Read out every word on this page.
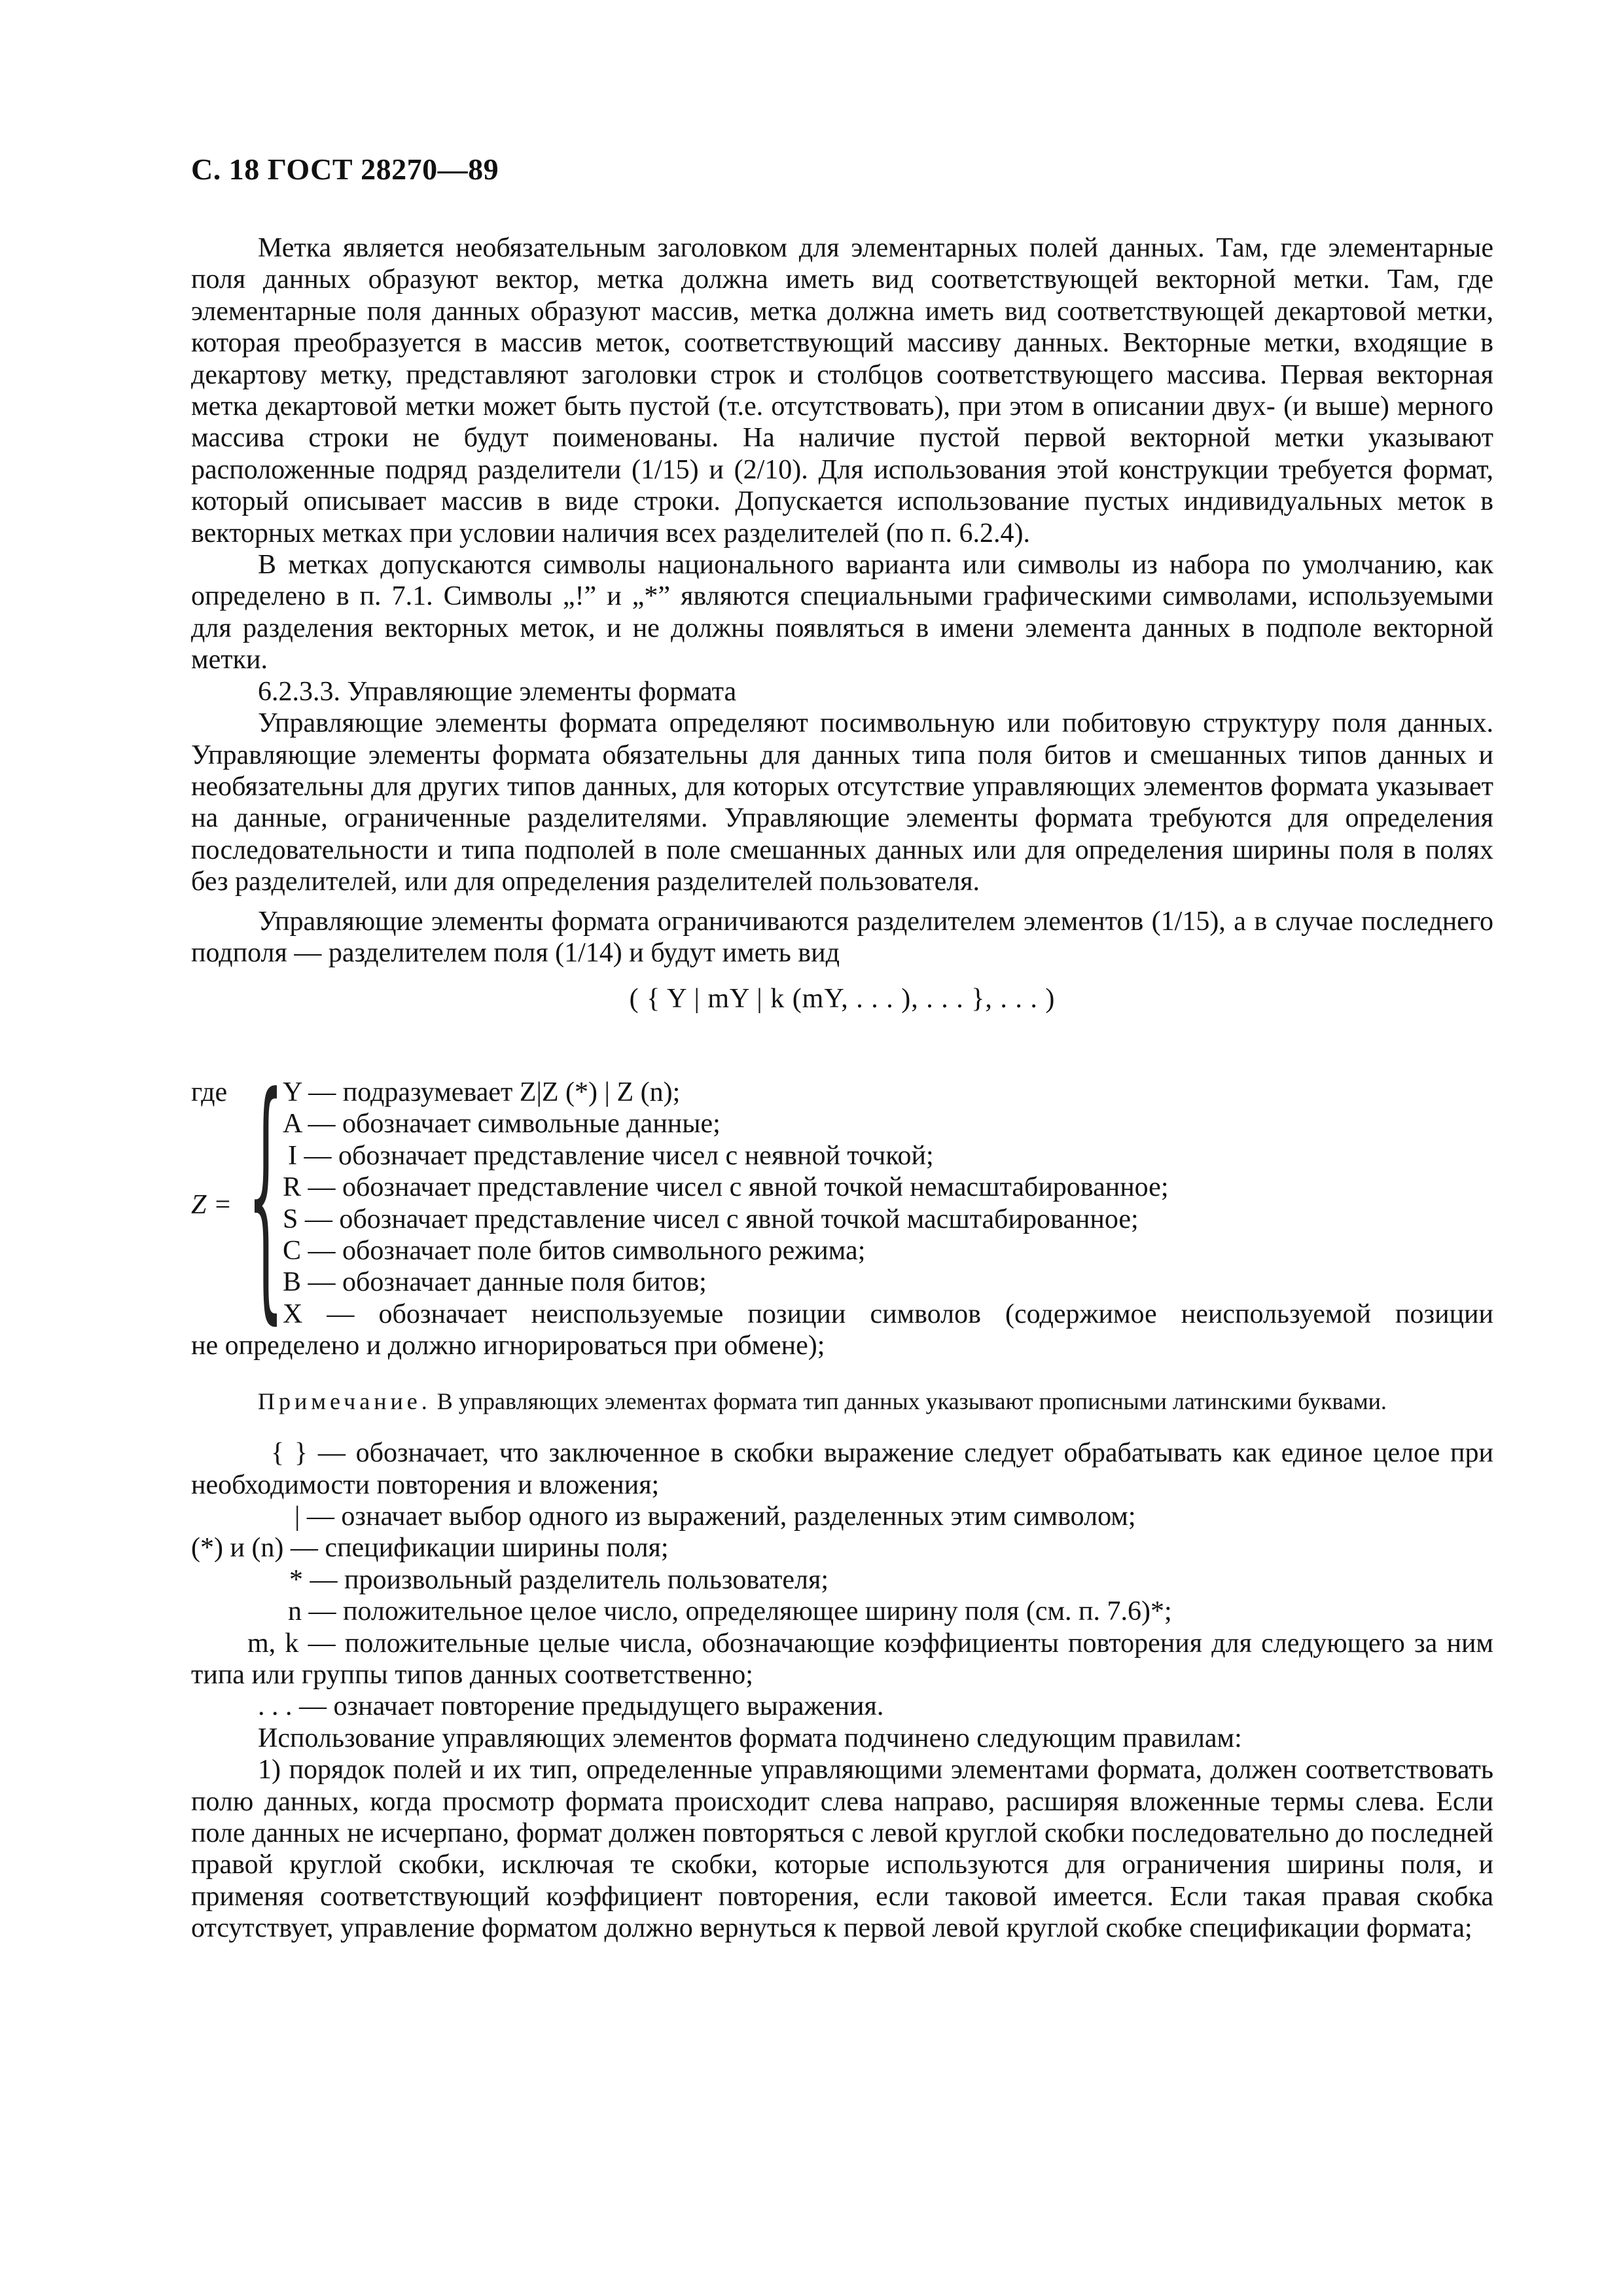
С. 18 ГОСТ 28270—89

Метка является необязательным заголовком для элементарных полей данных. Там, где элементарные поля данных образуют вектор, метка должна иметь вид соответствующей векторной метки. Там, где элементарные поля данных образуют массив, метка должна иметь вид соответствующей декартовой метки, которая преобразуется в массив меток, соответствующий массиву данных. Векторные метки, входящие в декартову метку, представляют заголовки строк и столбцов соответствующего массива. Первая векторная метка декартовой метки может быть пустой (т.е. отсутствовать), при этом в описании двух- (и выше) мерного массива строки не будут поименованы. На наличие пустой первой векторной метки указывают расположенные подряд разделители (1/15) и (2/10). Для использования этой конструкции требуется формат, который описывает массив в виде строки. Допускается использование пустых индивидуальных меток в векторных метках при условии наличия всех разделителей (по п. 6.2.4).

В метках допускаются символы национального варианта или символы из набора по умолчанию, как определено в п. 7.1. Символы „!” и „*” являются специальными графическими символами, используемыми для разделения векторных меток, и не должны появляться в имени элемента данных в подполе векторной метки.

6.2.3.3. Управляющие элементы формата

Управляющие элементы формата определяют посимвольную или побитовую структуру поля данных. Управляющие элементы формата обязательны для данных типа поля битов и смешанных типов данных и необязательны для других типов данных, для которых отсутствие управляющих элементов формата указывает на данные, ограниченные разделителями. Управляющие элементы формата требуются для определения последовательности и типа подполей в поле смешанных данных или для определения ширины поля в полях без разделителей, или для определения разделителей пользователя.

Управляющие элементы формата ограничиваются разделителем элементов (1/15), а в случае последнего подполя — разделителем поля (1/14) и будут иметь вид

( { Y | mY | k (mY, . . . ), . . . }, . . . )

где
Z = {
Y — подразумевает Z|Z (*) | Z (n);
A — обозначает символьные данные;
I — обозначает представление чисел с неявной точкой;
R — обозначает представление чисел с явной точкой немасштабированное;
S — обозначает представление чисел с явной точкой масштабированное;
C — обозначает поле битов символьного режима;
B — обозначает данные поля битов;
X — обозначает неиспользуемые позиции символов (содержимое неиспользуемой позиции

не определено и должно игнорироваться при обмене);

Примечание. В управляющих элементах формата тип данных указывают прописными латинскими буквами.

{ } — обозначает, что заключенное в скобки выражение следует обрабатывать как единое целое при необходимости повторения и вложения;

| — означает выбор одного из выражений, разделенных этим символом;

(*) и (n) — спецификации ширины поля;

* — произвольный разделитель пользователя;

n — положительное целое число, определяющее ширину поля (см. п. 7.6)*;

m, k — положительные целые числа, обозначающие коэффициенты повторения для следующего за ним типа или группы типов данных соответственно;

. . . — означает повторение предыдущего выражения.

Использование управляющих элементов формата подчинено следующим правилам:

1) порядок полей и их тип, определенные управляющими элементами формата, должен соответствовать полю данных, когда просмотр формата происходит слева направо, расширяя вложенные термы слева. Если поле данных не исчерпано, формат должен повторяться с левой круглой скобки последовательно до последней правой круглой скобки, исключая те скобки, которые используются для ограничения ширины поля, и применяя соответствующий коэффициент повторения, если таковой имеется. Если такая правая скобка отсутствует, управление форматом должно вернуться к первой левой круглой скобке спецификации формата;
